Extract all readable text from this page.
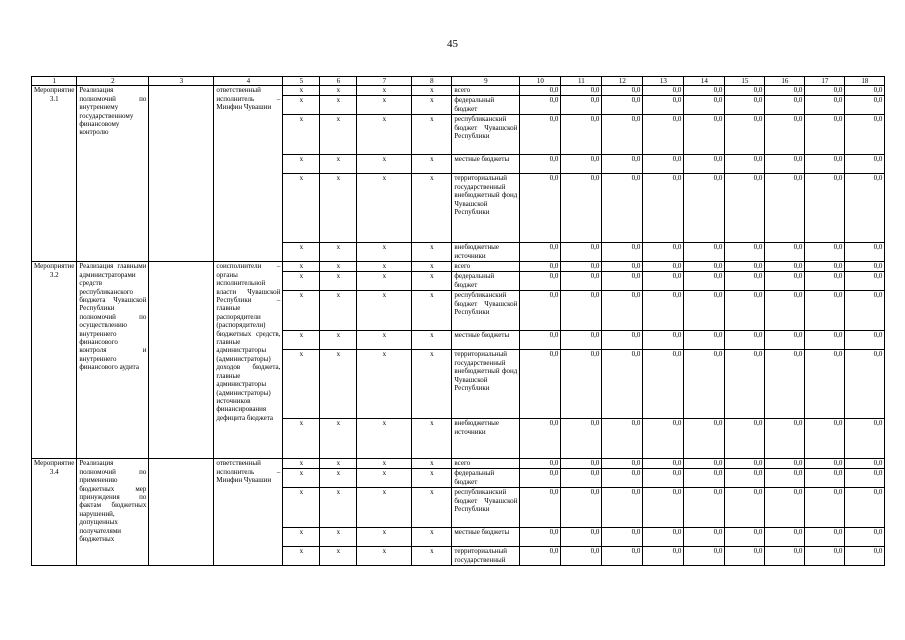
45
1	2	3	4	5	6	7	8	9	10	11	12	13	14	15	16	17	18
Мероприятие 3.1	Реализация полномочий по внутреннему государственному финансовому контролю		ответственный исполнитель – Минфин Чувашии	х	х	х	х	всего	0,0	0,0	0,0	0,0	0,0	0,0	0,0	0,0	0,0
				х	х	х	х	федеральный бюджет	0,0	0,0	0,0	0,0	0,0	0,0	0,0	0,0	0,0
				х	х	х	х	республиканский бюджет Чувашской Республики	0,0	0,0	0,0	0,0	0,0	0,0	0,0	0,0	0,0
				х	х	х	х	местные бюджеты	0,0	0,0	0,0	0,0	0,0	0,0	0,0	0,0	0,0
				х	х	х	х	территориальный государственный внебюджетный фонд Чувашской Республики	0,0	0,0	0,0	0,0	0,0	0,0	0,0	0,0	0,0
				х	х	х	х	внебюджетные источники	0,0	0,0	0,0	0,0	0,0	0,0	0,0	0,0	0,0
Мероприятие 3.2	Реализация главными администраторами средств республиканского бюджета Чувашской Республики полномочий по осуществлению внутреннего финансового контроля и внутреннего финансового аудита		соисполнители – органы исполнительной власти Чувашской Республики – главные распорядители (распорядители) бюджетных средств, главные администраторы (администраторы) доходов бюджета, главные администраторы (администраторы) источников финансирования дефицита бюджета	х	х	х	х	всего	0,0	0,0	0,0	0,0	0,0	0,0	0,0	0,0	0,0
				х	х	х	х	федеральный бюджет	0,0	0,0	0,0	0,0	0,0	0,0	0,0	0,0	0,0
				х	х	х	х	республиканский бюджет Чувашской Республики	0,0	0,0	0,0	0,0	0,0	0,0	0,0	0,0	0,0
				х	х	х	х	местные бюджеты	0,0	0,0	0,0	0,0	0,0	0,0	0,0	0,0	0,0
				х	х	х	х	территориальный государственный внебюджетный фонд Чувашской Республики	0,0	0,0	0,0	0,0	0,0	0,0	0,0	0,0	0,0
				х	х	х	х	внебюджетные источники	0,0	0,0	0,0	0,0	0,0	0,0	0,0	0,0	0,0
Мероприятие 3.4	Реализация полномочий по применению бюджетных мер принуждения по фактам бюджетных нарушений, допущенных получателями бюджетных		ответственный исполнитель – Минфин Чувашии	х	х	х	х	всего	0,0	0,0	0,0	0,0	0,0	0,0	0,0	0,0	0,0
				х	х	х	х	федеральный бюджет	0,0	0,0	0,0	0,0	0,0	0,0	0,0	0,0	0,0
				х	х	х	х	республиканский бюджет Чувашской Республики	0,0	0,0	0,0	0,0	0,0	0,0	0,0	0,0	0,0
				х	х	х	х	местные бюджеты	0,0	0,0	0,0	0,0	0,0	0,0	0,0	0,0	0,0
				х	х	х	х	территориальный государственный	0,0	0,0	0,0	0,0	0,0	0,0	0,0	0,0	0,0
